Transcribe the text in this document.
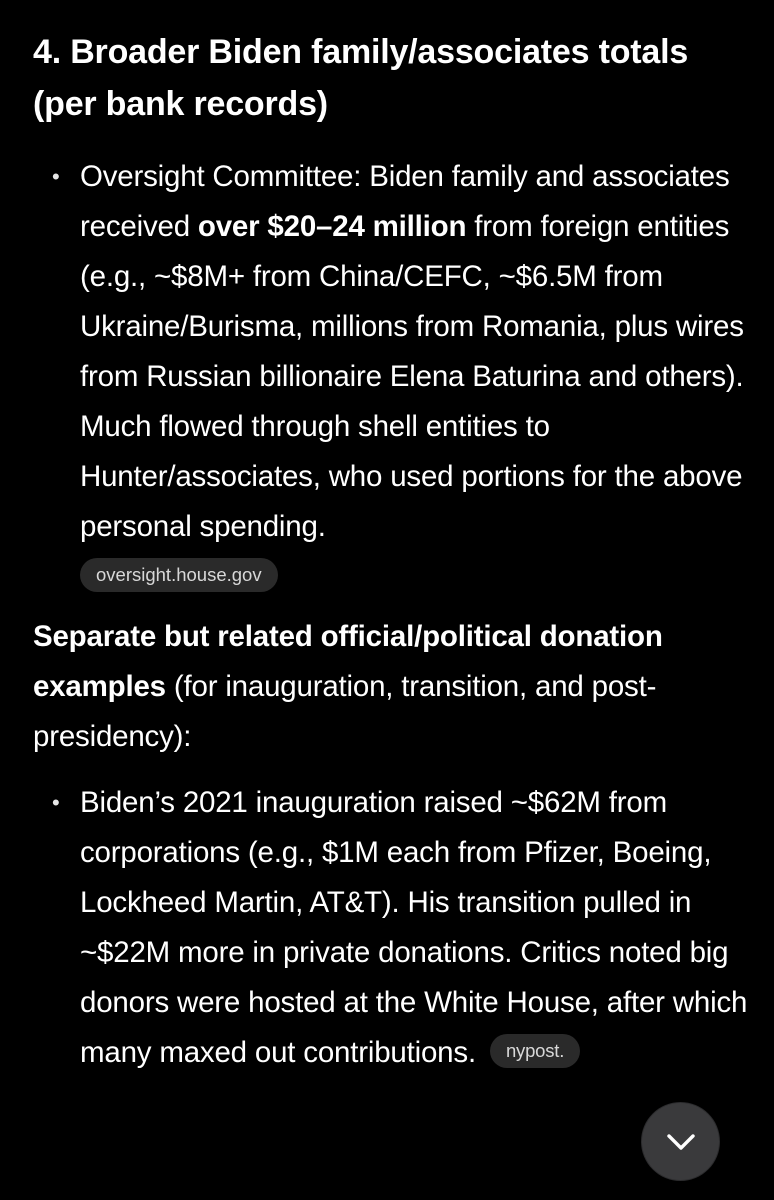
4. Broader Biden family/associates totals (per bank records)
• Oversight Committee: Biden family and associates received over $20–24 million from foreign entities (e.g., ~$8M+ from China/CEFC, ~$6.5M from Ukraine/Burisma, millions from Romania, plus wires from Russian billionaire Elena Baturina and others). Much flowed through shell entities to Hunter/associates, who used portions for the above personal spending.
oversight.house.gov

Separate but related official/political donation examples (for inauguration, transition, and post-presidency):

• Biden’s 2021 inauguration raised ~$62M from corporations (e.g., $1M each from Pfizer, Boeing, Lockheed Martin, AT&T). His transition pulled in ~$22M more in private donations. Critics noted big donors were hosted at the White House, after which many maxed out contributions. nypost.
